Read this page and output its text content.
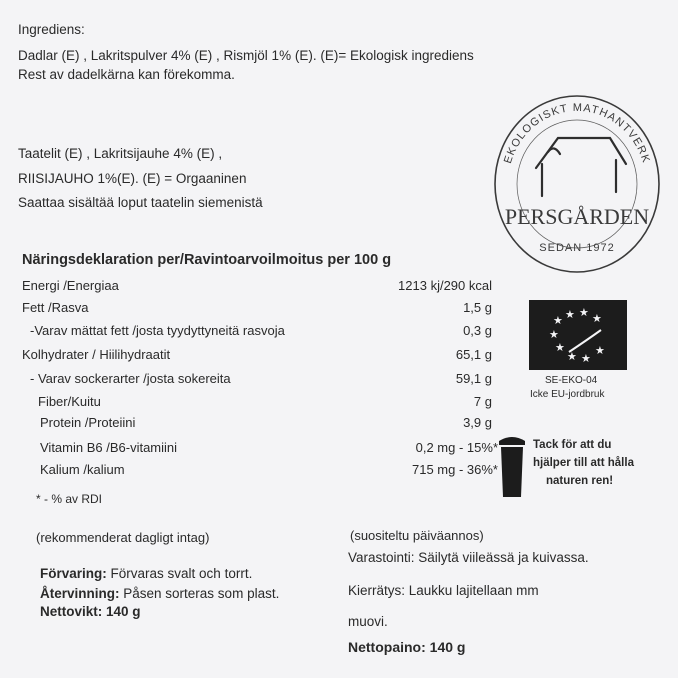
Ingrediens:
Dadlar (E) , Lakritspulver 4% (E) , Rismjöl 1% (E). (E)= Ekologisk ingrediens
Rest av dadelkärna kan förekomma.
Taatelit (E) , Lakritsijauhe 4% (E) ,
RIISIJAUHO 1%(E). (E) = Orgaaninen
Saattaa sisältää loput taatelin siemenistä
Näringsdeklaration per/Ravintoarvoilmoitus per 100 g
Energi /Energiaa	1213 kj/290 kcal
Fett /Rasva	1,5 g
-Varav mättat fett /josta tyydyttyneitä rasvoja	0,3 g
Kolhydrater / Hiilihydraatit	65,1 g
- Varav sockerarter /josta sokereita	59,1 g
Fiber/Kuitu	7 g
Protein /Proteiini	3,9 g
Vitamin B6 /B6-vitamiini	0,2 mg - 15%*
Kalium /kalium	715 mg - 36%*
* - % av RDI
(rekommenderat dagligt intag)	(suositeltu päiväannos)
Förvaring: Förvaras svalt och torrt.
Återvinning: Påsen sorteras som plast.
Nettovikt: 140 g
Varastointi: Säilytä viileässä ja kuivassa.
Kierrätys: Laukku lajitellaan mm
muovi.
Nettopaino: 140 g
EKOLOGISKT MATHANTVERK
PERSGÅRDEN
SEDAN 1972
★ ★ ★ ★
★
★
★ ★
★
SE-EKO-04
Icke EU-jordbruk
Tack för att du
hjälper till att hålla
naturen ren!
